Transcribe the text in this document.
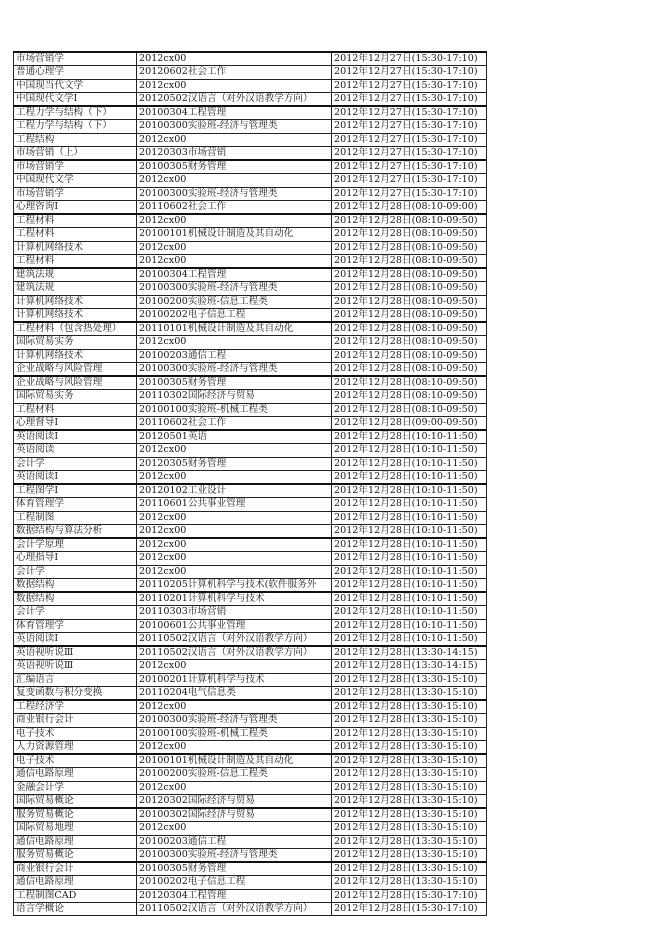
市场营销学	2012cx00	2012年12月27日(15:30-17:10)
普通心理学	20120602社会工作	2012年12月27日(15:30-17:10)
中国现当代文学	2012cx00	2012年12月27日(15:30-17:10)
中国现代文学Ⅰ	20120502汉语言（对外汉语教学方向）	2012年12月27日(15:30-17:10)
工程力学与结构（下）	20100304工程管理	2012年12月27日(15:30-17:10)
工程力学与结构（下）	20100300实验班-经济与管理类	2012年12月27日(15:30-17:10)
工程结构	2012cx00	2012年12月27日(15:30-17:10)
市场营销（上）	20120303市场营销	2012年12月27日(15:30-17:10)
市场营销学	20100305财务管理	2012年12月27日(15:30-17:10)
中国现代文学	2012cx00	2012年12月27日(15:30-17:10)
市场营销学	20100300实验班-经济与管理类	2012年12月27日(15:30-17:10)
心理咨询Ⅰ	20110602社会工作	2012年12月28日(08:10-09:00)
工程材料	2012cx00	2012年12月28日(08:10-09:50)
工程材料	20100101机械设计制造及其自动化	2012年12月28日(08:10-09:50)
计算机网络技术	2012cx00	2012年12月28日(08:10-09:50)
工程材料	2012cx00	2012年12月28日(08:10-09:50)
建筑法规	20100304工程管理	2012年12月28日(08:10-09:50)
建筑法规	20100300实验班-经济与管理类	2012年12月28日(08:10-09:50)
计算机网络技术	20100200实验班-信息工程类	2012年12月28日(08:10-09:50)
计算机网络技术	20100202电子信息工程	2012年12月28日(08:10-09:50)
工程材料（包含热处理）	20110101机械设计制造及其自动化	2012年12月28日(08:10-09:50)
国际贸易实务	2012cx00	2012年12月28日(08:10-09:50)
计算机网络技术	20100203通信工程	2012年12月28日(08:10-09:50)
企业战略与风险管理	20100300实验班-经济与管理类	2012年12月28日(08:10-09:50)
企业战略与风险管理	20100305财务管理	2012年12月28日(08:10-09:50)
国际贸易实务	20110302国际经济与贸易	2012年12月28日(08:10-09:50)
工程材料	20100100实验班-机械工程类	2012年12月28日(08:10-09:50)
心理督导Ⅰ	20110602社会工作	2012年12月28日(09:00-09:50)
英语阅读Ⅰ	20120501英语	2012年12月28日(10:10-11:50)
英语阅读	2012cx00	2012年12月28日(10:10-11:50)
会计学	20120305财务管理	2012年12月28日(10:10-11:50)
英语阅读Ⅰ	2012cx00	2012年12月28日(10:10-11:50)
工程图学Ⅰ	20120102工业设计	2012年12月28日(10:10-11:50)
体育管理学	20110601公共事业管理	2012年12月28日(10:10-11:50)
工程制图	2012cx00	2012年12月28日(10:10-11:50)
数据结构与算法分析	2012cx00	2012年12月28日(10:10-11:50)
会计学原理	2012cx00	2012年12月28日(10:10-11:50)
心理指导Ⅰ	2012cx00	2012年12月28日(10:10-11:50)
会计学	2012cx00	2012年12月28日(10:10-11:50)
数据结构	20110205计算机科学与技术(软件服务外	2012年12月28日(10:10-11:50)
数据结构	20110201计算机科学与技术	2012年12月28日(10:10-11:50)
会计学	20110303市场营销	2012年12月28日(10:10-11:50)
体育管理学	20100601公共事业管理	2012年12月28日(10:10-11:50)
英语阅读Ⅰ	20110502汉语言（对外汉语教学方向）	2012年12月28日(10:10-11:50)
英语视听说Ⅲ	20110502汉语言（对外汉语教学方向）	2012年12月28日(13:30-14:15)
英语视听说Ⅲ	2012cx00	2012年12月28日(13:30-14:15)
汇编语言	20100201计算机科学与技术	2012年12月28日(13:30-15:10)
复变函数与积分变换	20110204电气信息类	2012年12月28日(13:30-15:10)
工程经济学	2012cx00	2012年12月28日(13:30-15:10)
商业银行会计	20100300实验班-经济与管理类	2012年12月28日(13:30-15:10)
电子技术	20100100实验班-机械工程类	2012年12月28日(13:30-15:10)
人力资源管理	2012cx00	2012年12月28日(13:30-15:10)
电子技术	20100101机械设计制造及其自动化	2012年12月28日(13:30-15:10)
通信电路原理	20100200实验班-信息工程类	2012年12月28日(13:30-15:10)
金融会计学	2012cx00	2012年12月28日(13:30-15:10)
国际贸易概论	20120302国际经济与贸易	2012年12月28日(13:30-15:10)
服务贸易概论	20100302国际经济与贸易	2012年12月28日(13:30-15:10)
国际贸易地理	2012cx00	2012年12月28日(13:30-15:10)
通信电路原理	20100203通信工程	2012年12月28日(13:30-15:10)
服务贸易概论	20100300实验班-经济与管理类	2012年12月28日(13:30-15:10)
商业银行会计	20100305财务管理	2012年12月28日(13:30-15:10)
通信电路原理	20100202电子信息工程	2012年12月28日(13:30-15:10)
工程制图CAD	20120304工程管理	2012年12月28日(15:30-17:10)
语言学概论	20110502汉语言（对外汉语教学方向）	2012年12月28日(15:30-17:10)
